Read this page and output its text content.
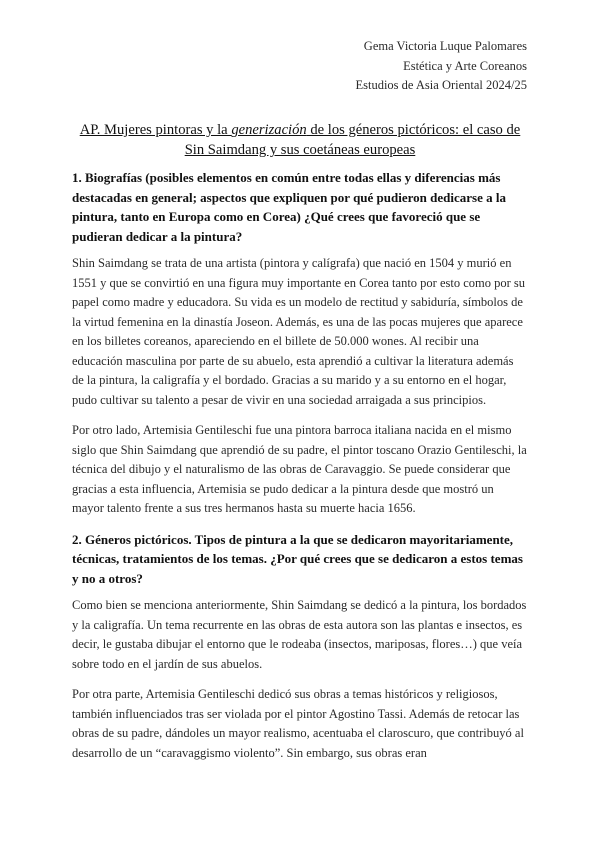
Gema Victoria Luque Palomares
Estética y Arte Coreanos
Estudios de Asia Oriental 2024/25
AP. Mujeres pintoras y la generización de los géneros pictóricos: el caso de Sin Saimdang y sus coetáneas europeas
1. Biografías (posibles elementos en común entre todas ellas y diferencias más destacadas en general; aspectos que expliquen por qué pudieron dedicarse a la pintura, tanto en Europa como en Corea) ¿Qué crees que favoreció que se pudieran dedicar a la pintura?

Shin Saimdang se trata de una artista (pintora y calígrafa) que nació en 1504 y murió en 1551 y que se convirtió en una figura muy importante en Corea tanto por esto como por su papel como madre y educadora. Su vida es un modelo de rectitud y sabiduría, símbolos de la virtud femenina en la dinastía Joseon. Además, es una de las pocas mujeres que aparece en los billetes coreanos, apareciendo en el billete de 50.000 wones. Al recibir una educación masculina por parte de su abuelo, esta aprendió a cultivar la literatura además de la pintura, la caligrafía y el bordado. Gracias a su marido y a su entorno en el hogar, pudo cultivar su talento a pesar de vivir en una sociedad arraigada a sus principios.

Por otro lado, Artemisia Gentileschi fue una pintora barroca italiana nacida en el mismo siglo que Shin Saimdang que aprendió de su padre, el pintor toscano Orazio Gentileschi, la técnica del dibujo y el naturalismo de las obras de Caravaggio. Se puede considerar que gracias a esta influencia, Artemisia se pudo dedicar a la pintura desde que mostró un mayor talento frente a sus tres hermanos hasta su muerte hacia 1656.

2. Géneros pictóricos. Tipos de pintura a la que se dedicaron mayoritariamente, técnicas, tratamientos de los temas. ¿Por qué crees que se dedicaron a estos temas y no a otros?

Como bien se menciona anteriormente, Shin Saimdang se dedicó a la pintura, los bordados y la caligrafía. Un tema recurrente en las obras de esta autora son las plantas e insectos, es decir, le gustaba dibujar el entorno que le rodeaba (insectos, mariposas, flores…) que veía sobre todo en el jardín de sus abuelos.

Por otra parte, Artemisia Gentileschi dedicó sus obras a temas históricos y religiosos, también influenciados tras ser violada por el pintor Agostino Tassi. Además de retocar las obras de su padre, dándoles un mayor realismo, acentuaba el claroscuro, que contribuyó al desarrollo de un “caravaggismo violento”. Sin embargo, sus obras eran
